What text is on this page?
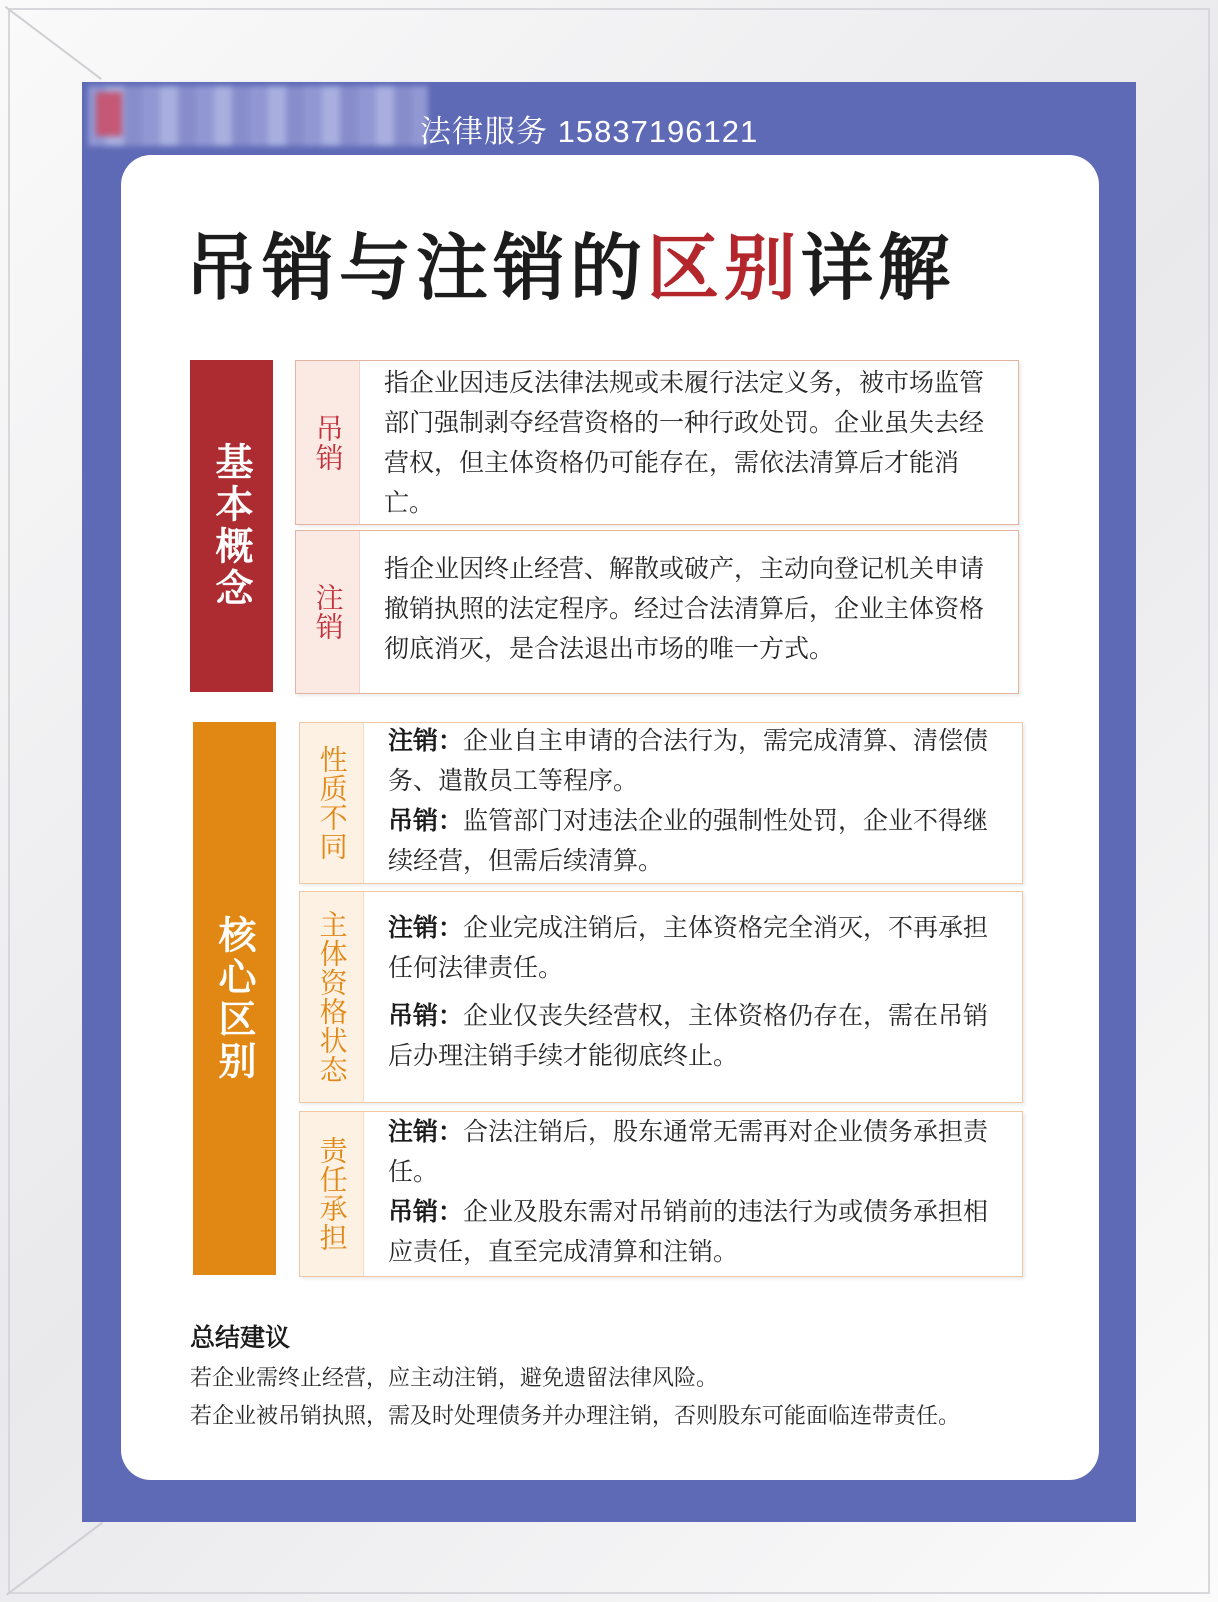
法律服务 15837196121
吊销与注销的区别详解
基本概念	吊销

指企业因违反法律法规或未履行法定义务，被市场监管部门强制剥夺经营资格的一种行政处罚。企业虽失去经营权，但主体资格仍可能存在，需依法清算后才能消亡。

注销

指企业因终止经营、解散或破产，主动向登记机关申请撤销执照的法定程序。经过合法清算后，企业主体资格彻底消灭，是合法退出市场的唯一方式。

核心区别
性质不同

注销：企业自主申请的合法行为，需完成清算、清偿债务、遣散员工等程序。

吊销：监管部门对违法企业的强制性处罚，企业不得继续经营，但需后续清算。

主体资格状态 注销：企业完成注销后，主体资格完全消灭，不再承担任何法律责任。

吊销：企业仅丧失经营权，主体资格仍存在，需在吊销后办理注销手续才能彻底终止。

责任承担

注销：合法注销后，股东通常无需再对企业债务承担责任。

吊销：企业及股东需对吊销前的违法行为或债务承担相应责任，直至完成清算和注销。

总结建议

若企业需终止经营，应主动注销，避免遗留法律风险。

若企业被吊销执照，需及时处理债务并办理注销，否则股东可能面临连带责任。
